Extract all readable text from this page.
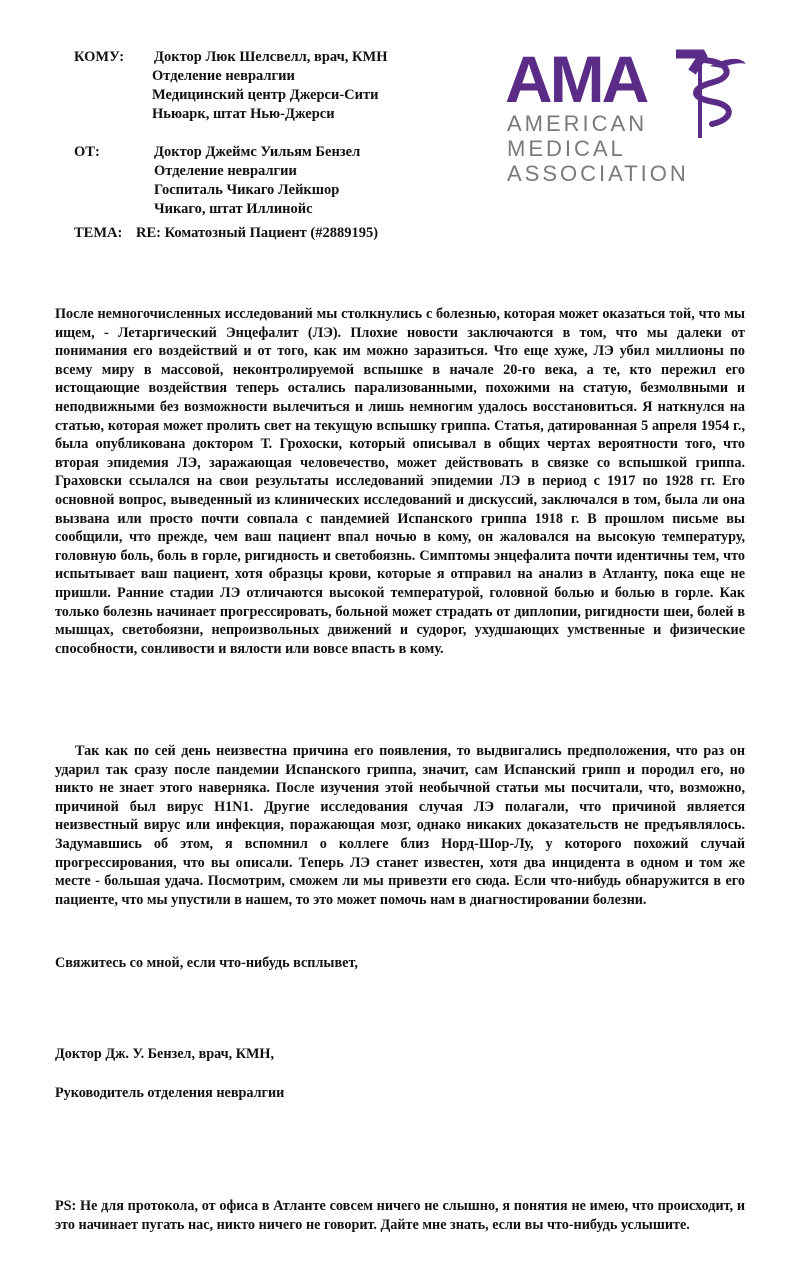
КОМУ: Доктор Люк Шелсвелл, врач, КМН
Отделение невралгии
Медицинский центр Джерси-Сити
Ньюарк, штат Нью-Джерси
ОТ:	Доктор Джеймс Уильям Бензел
Отделение невралгии
Госпиталь Чикаго Лейкшор
Чикаго, штат Иллинойс
ТЕМА: RE: Коматозный Пациент (#2889195)
AMA
AMERICAN
MEDICAL
ASSOCIATION
После немногочисленных исследований мы столкнулись с болезнью, которая может оказаться той, что мы ищем, - Летаргический Энцефалит (ЛЭ). Плохие новости заключаются в том, что мы далеки от понимания его воздействий и от того, как им можно заразиться. Что еще хуже, ЛЭ убил миллионы по всему миру в массовой, неконтролируемой вспышке в начале 20-го века, а те, кто пережил его истощающие воздействия теперь остались парализованными, похожими на статую, безмолвными и неподвижными без возможности вылечиться и лишь немногим удалось восстановиться. Я наткнулся на статью, которая может пролить свет на текущую вспышку гриппа. Статья, датированная 5 апреля 1954 г., была опубликована доктором Т. Грохоски, который описывал в общих чертах вероятности того, что вторая эпидемия ЛЭ, заражающая человечество, может действовать в связке со вспышкой гриппа. Граховски ссылался на свои результаты исследований эпидемии ЛЭ в период с 1917 по 1928 гг. Его основной вопрос, выведенный из клинических исследований и дискуссий, заключался в том, была ли она вызвана или просто почти совпала с пандемией Испанского гриппа 1918 г. В прошлом письме вы сообщили, что прежде, чем ваш пациент впал ночью в кому, он жаловался на высокую температуру, головную боль, боль в горле, ригидность и светобоязнь. Симптомы энцефалита почти идентичны тем, что испытывает ваш пациент, хотя образцы крови, которые я отправил на анализ в Атланту, пока еще не пришли. Ранние стадии ЛЭ отличаются высокой температурой, головной болью и болью в горле. Как только болезнь начинает прогрессировать, больной может страдать от диплопии, ригидности шеи, болей в мышцах, светобоязни, непроизвольных движений и судорог, ухудшающих умственные и физические способности, сонливости и вялости или вовсе впасть в кому.
Так как по сей день неизвестна причина его появления, то выдвигались предположения, что раз он ударил так сразу после пандемии Испанского гриппа, значит, сам Испанский грипп и породил его, но никто не знает этого наверняка. После изучения этой необычной статьи мы посчитали, что, возможно, причиной был вирус H1N1. Другие исследования случая ЛЭ полагали, что причиной является неизвестный вирус или инфекция, поражающая мозг, однако никаких доказательств не предъявлялось. Задумавшись об этом, я вспомнил о коллеге близ Норд-Шор-Лу, у которого похожий случай прогрессирования, что вы описали. Теперь ЛЭ станет известен, хотя два инцидента в одном и том же месте - большая удача. Посмотрим, сможем ли мы привезти его сюда. Если что-нибудь обнаружится в его пациенте, что мы упустили в нашем, то это может помочь нам в диагностировании болезни.
Свяжитесь со мной, если что-нибудь всплывет,
Доктор Дж. У. Бензел, врач, КМН,
Руководитель отделения невралгии
PS: Не для протокола, от офиса в Атланте совсем ничего не слышно, я понятия не имею, что происходит, и это начинает пугать нас, никто ничего не говорит. Дайте мне знать, если вы что-нибудь услышите.
